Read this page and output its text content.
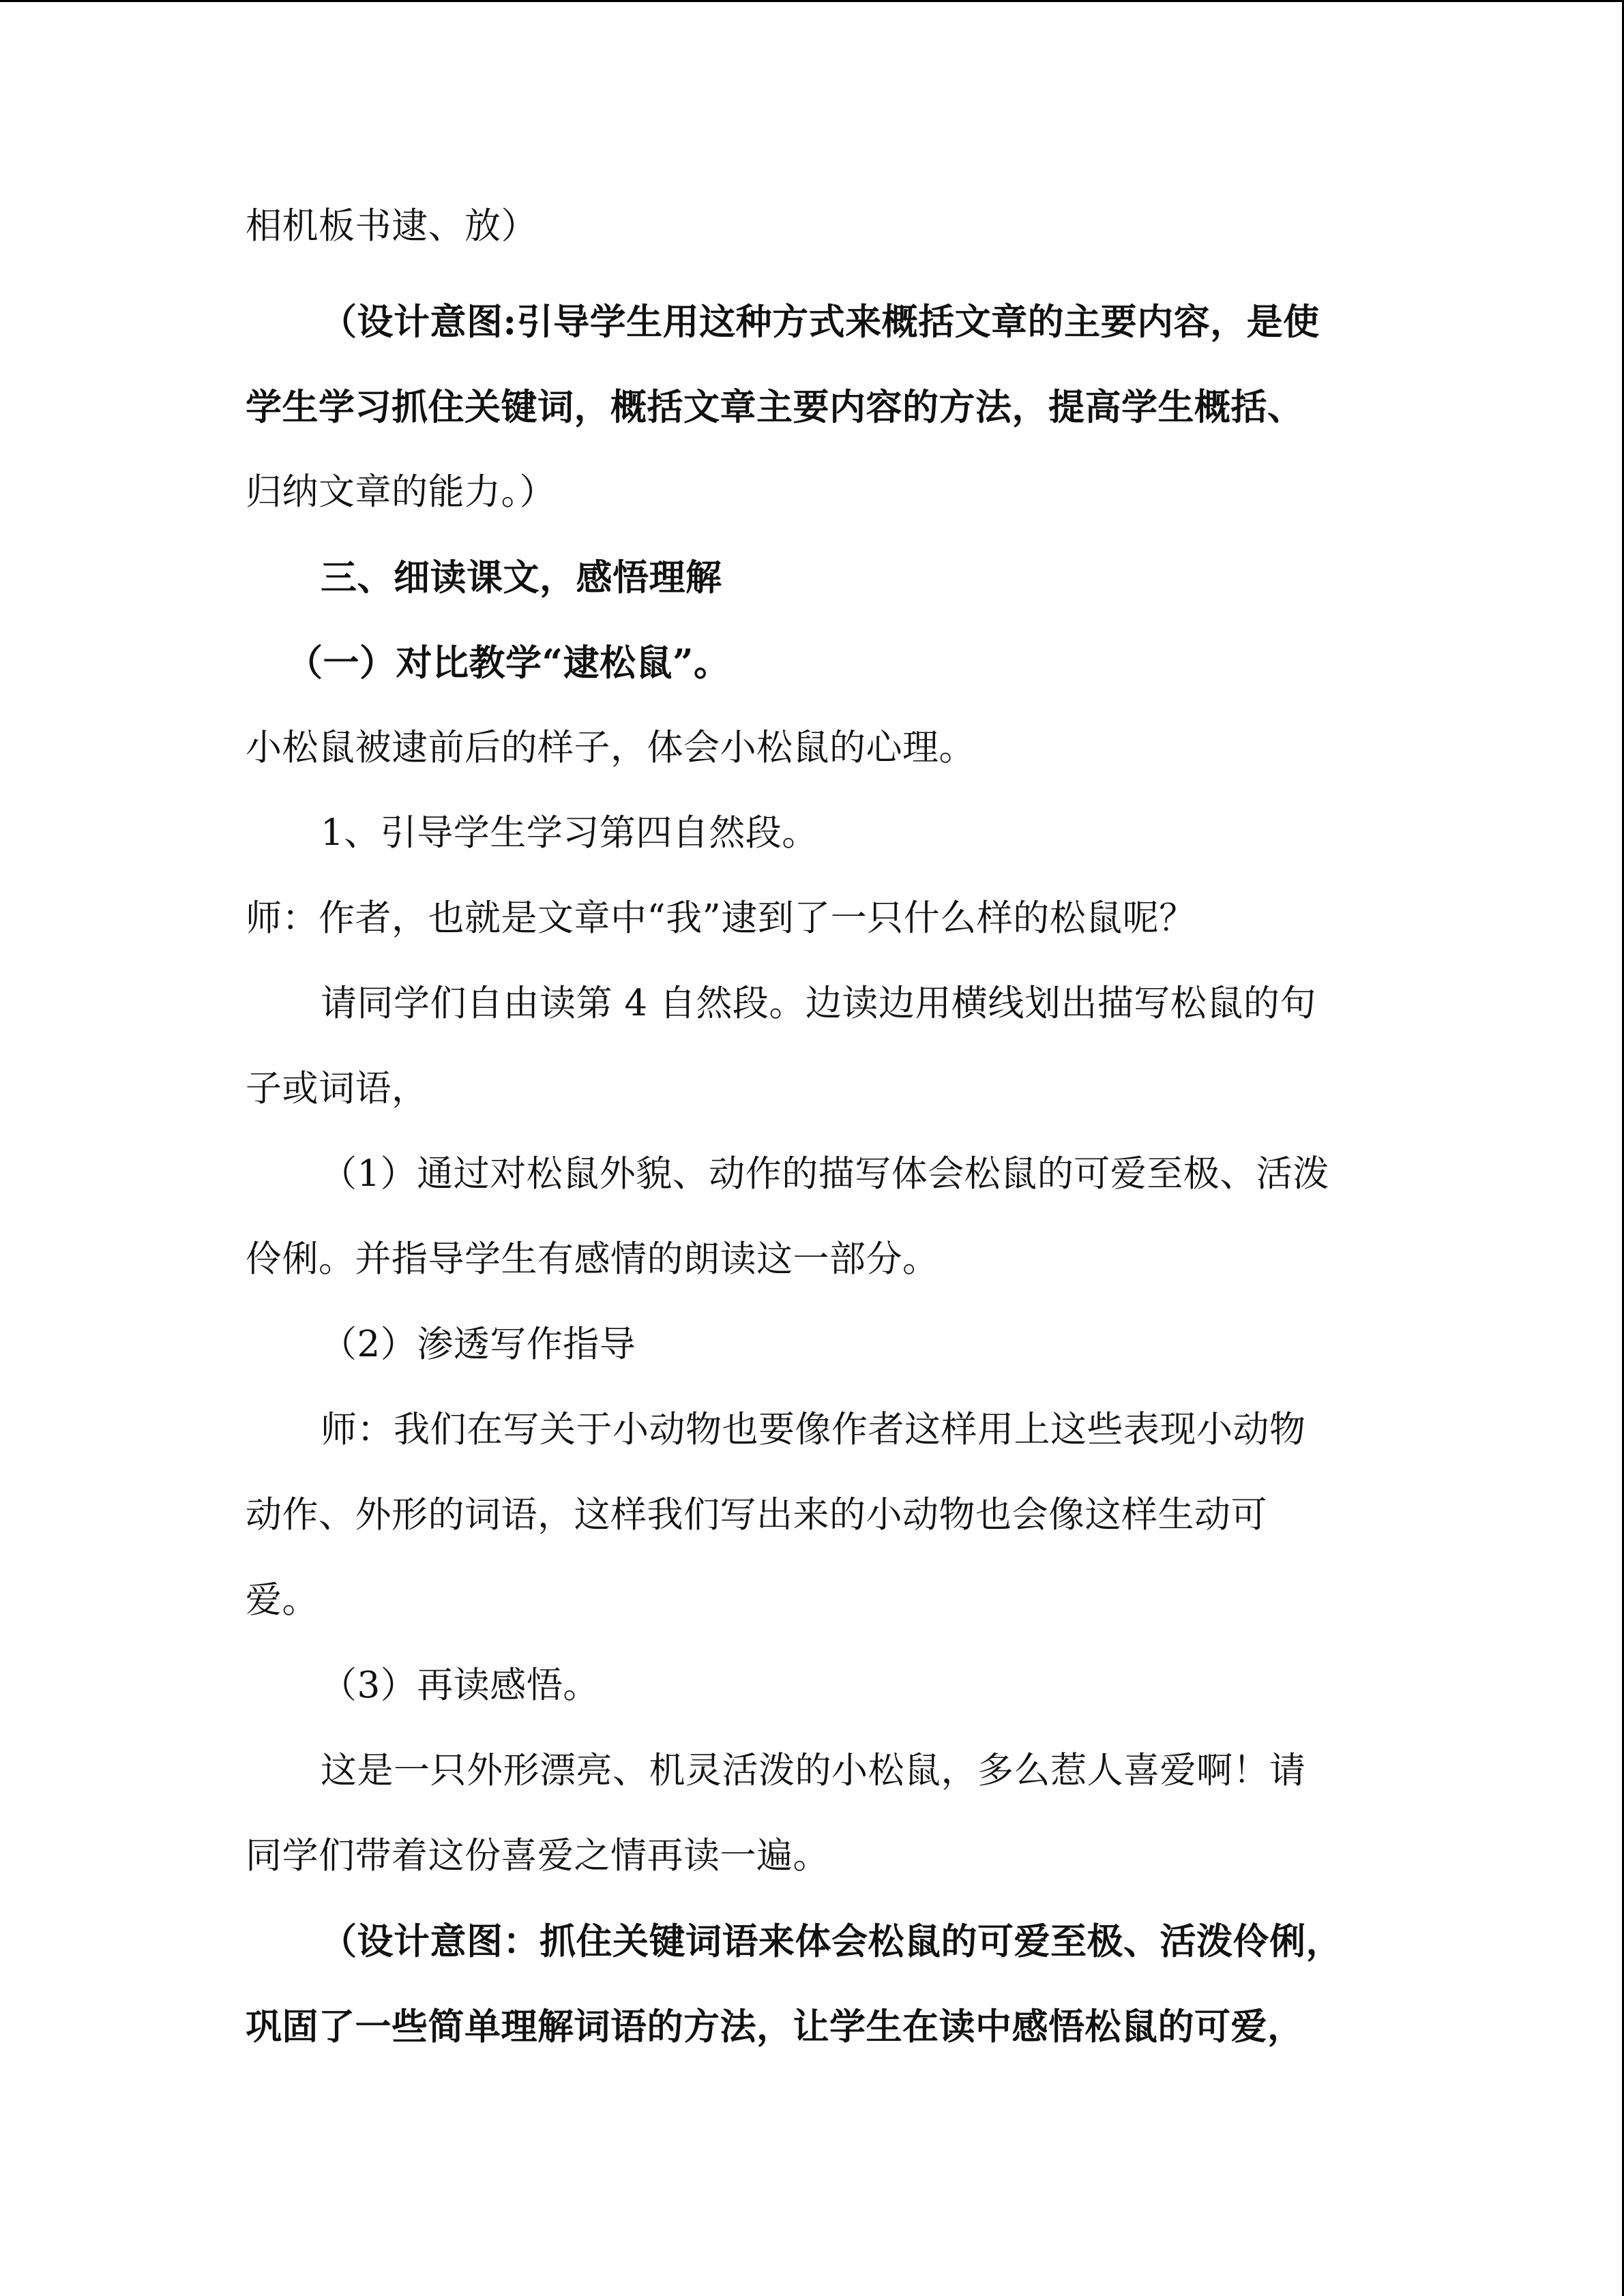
相机板书逮、放）
（设计意图:引导学生用这种方式来概括文章的主要内容，是使
学生学习抓住关键词，概括文章主要内容的方法，提高学生概括、
归纳文章的能力。）
三、细读课文，感悟理解
（一）对比教学“逮松鼠”。
小松鼠被逮前后的样子，体会小松鼠的心理。
1、引导学生学习第四自然段。
师：作者，也就是文章中“我”逮到了一只什么样的松鼠呢？
请同学们自由读第 4 自然段。边读边用横线划出描写松鼠的句
子或词语，
（1）通过对松鼠外貌、动作的描写体会松鼠的可爱至极、活泼
伶俐。并指导学生有感情的朗读这一部分。
（2）渗透写作指导
师：我们在写关于小动物也要像作者这样用上这些表现小动物
动作、外形的词语，这样我们写出来的小动物也会像这样生动可
爱。
（3）再读感悟。
这是一只外形漂亮、机灵活泼的小松鼠，多么惹人喜爱啊！请
同学们带着这份喜爱之情再读一遍。
（设计意图：抓住关键词语来体会松鼠的可爱至极、活泼伶俐，
巩固了一些简单理解词语的方法，让学生在读中感悟松鼠的可爱，
